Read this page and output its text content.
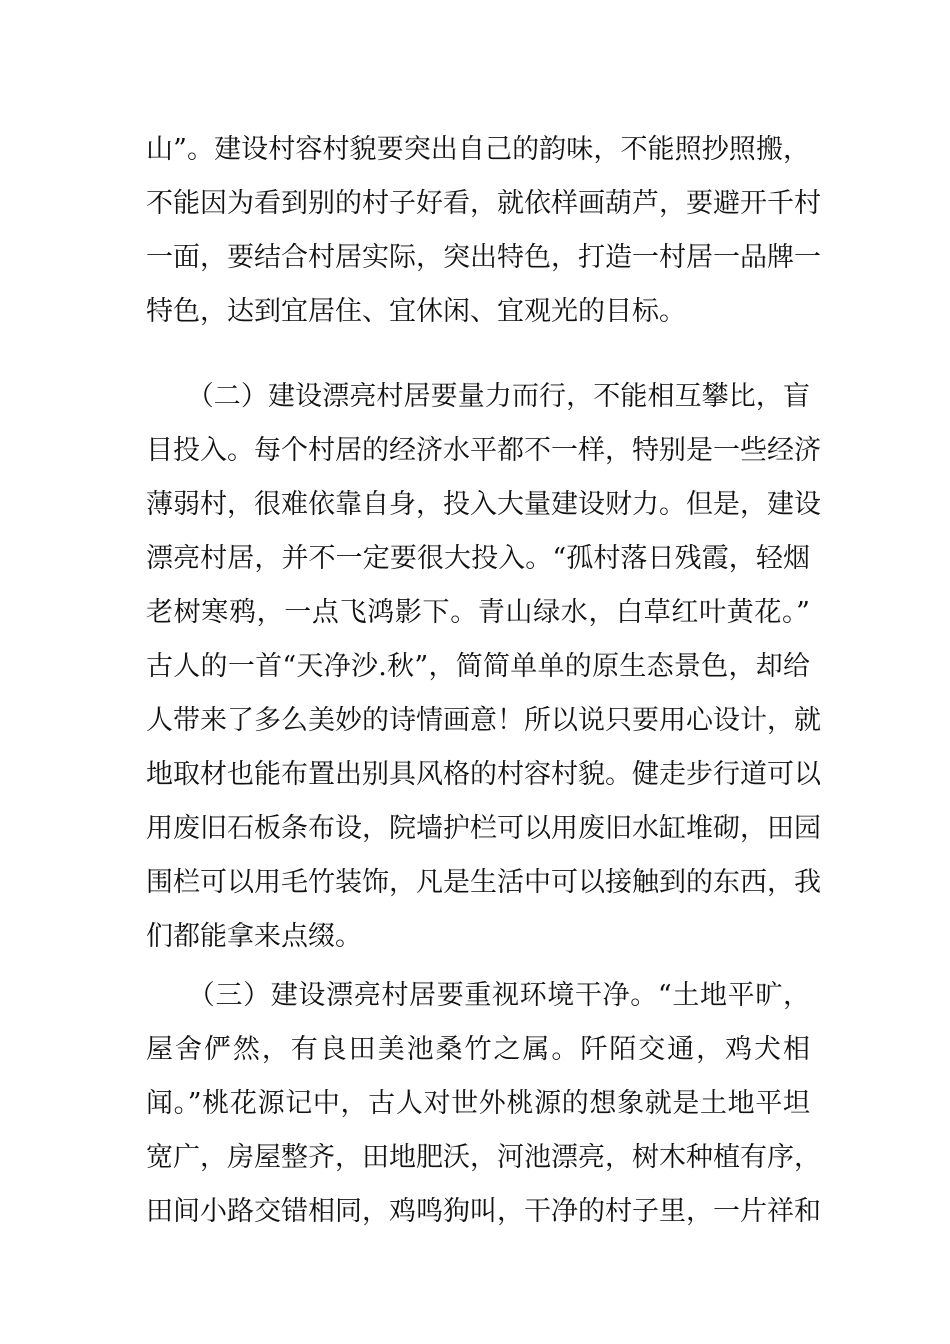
山”。建设村容村貌要突出自己的韵味，不能照抄照搬，
不能因为看到别的村子好看，就依样画葫芦，要避开千村
一面，要结合村居实际，突出特色，打造一村居一品牌一
特色，达到宜居住、宜休闲、宜观光的目标。
　　（二）建设漂亮村居要量力而行，不能相互攀比，盲
目投入。每个村居的经济水平都不一样，特别是一些经济
薄弱村，很难依靠自身，投入大量建设财力。但是，建设
漂亮村居，并不一定要很大投入。“孤村落日残霞，轻烟
老树寒鸦，一点飞鸿影下。青山绿水，白草红叶黄花。”
古人的一首“天净沙.秋”，简简单单的原生态景色，却给
人带来了多么美妙的诗情画意！所以说只要用心设计，就
地取材也能布置出别具风格的村容村貌。健走步行道可以
用废旧石板条布设，院墙护栏可以用废旧水缸堆砌，田园
围栏可以用毛竹装饰，凡是生活中可以接触到的东西，我
们都能拿来点缀。
　　（三）建设漂亮村居要重视环境干净。“土地平旷，
屋舍俨然，有良田美池桑竹之属。阡陌交通，鸡犬相
闻。”桃花源记中，古人对世外桃源的想象就是土地平坦
宽广，房屋整齐，田地肥沃，河池漂亮，树木种植有序，
田间小路交错相同，鸡鸣狗叫，干净的村子里，一片祥和
